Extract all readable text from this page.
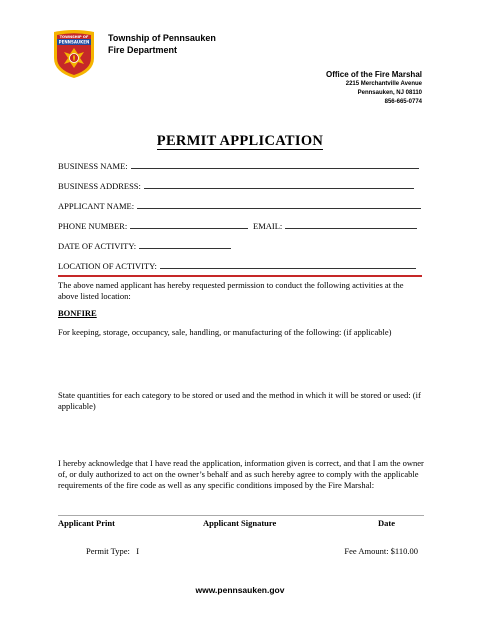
TOWNSHIP OF
PENNSAUKEN Township of Pennsauken
Fire Department
Office of the Fire Marshal
2215 Merchantville Avenue
Pennsauken, NJ 08110
856-665-0774
PERMIT APPLICATION
BUSINESS NAME:
BUSINESS ADDRESS:
APPLICANT NAME:
PHONE NUMBER:	EMAIL:
DATE OF ACTIVITY:
LOCATION OF ACTIVITY:
The above named applicant has hereby requested permission to conduct the following activities at the above listed location:
BONFIRE
For keeping, storage, occupancy, sale, handling, or manufacturing of the following: (if applicable)
State quantities for each category to be stored or used and the method in which it will be stored or used: (if applicable)
I hereby acknowledge that I have read the application, information given is correct, and that I am the owner of, or duly authorized to act on the owner’s behalf and as such hereby agree to comply with the applicable requirements of the fire code as well as any specific conditions imposed by the Fire Marshal:
Applicant Print	Applicant Signature	Date
Permit Type:   I	Fee Amount: $110.00
www.pennsauken.gov
